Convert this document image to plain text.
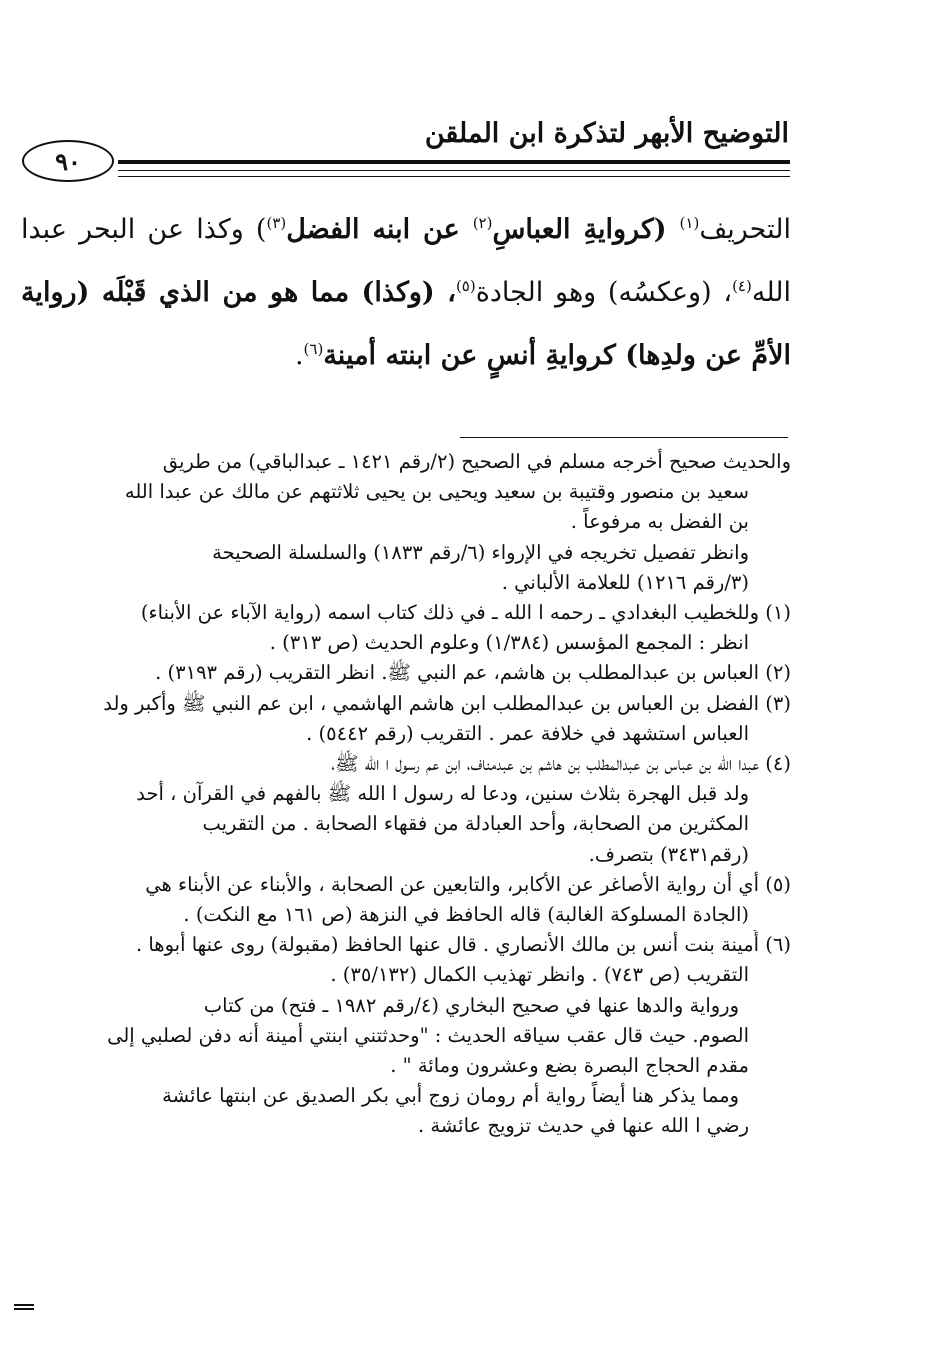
التوضيح الأبهر لتذكرة ابن الملقن
٩٠
التحريف$^{(١)}$ (كروايةِ العباسِ$^{(٢)}$ عن ابنه الفضل$^{(٣)}$) وكذا عن البحر عبدا الله$^{(٤)}$، (وعكسُه) وهو الجادة$^{(٥)}$، (وكذا) مما هو من الذي قَبْلَه (رواية الأمِّ عن ولدِها) كروايةِ أنسٍ عن ابنته أمينة$^{(٦)}$.
والحديث صحيح أخرجه مسلم في الصحيح (٢/رقم ١٤٢١ ـ عبدالباقي) من طريق
سعيد بن منصور وقتيبة بن سعيد ويحيى بن يحيى ثلاثتهم عن مالك عن عبدا الله
بن الفضل به مرفوعاً .
وانظر تفصيل تخريجه في الإرواء (٦/رقم ١٨٣٣) والسلسلة الصحيحة
(٣/رقم ١٢١٦) للعلامة الألباني .
(١) وللخطيب البغدادي ـ رحمه ا الله ـ في ذلك كتاب اسمه (رواية الآباء عن الأبناء)
انظر : المجمع المؤسس (١/٣٨٤) وعلوم الحديث (ص ٣١٣) .
(٢) العباس بن عبدالمطلب بن هاشم، عم النبي ﷺ. انظر التقريب (رقم ٣١٩٣) .
(٣) الفضل بن العباس بن عبدالمطلب ابن هاشم الهاشمي ، ابن عم النبي ﷺ وأكبر ولد
العباس استشهد في خلافة عمر . التقريب (رقم ٥٤٤٢) .
(٤) عبدا الله بن عباس بن عبدالمطلب بن هاشم بن عبدمناف، ابن عم رسول ا الله ﷺ،
ولد قبل الهجرة بثلاث سنين، ودعا له رسول ا الله ﷺ بالفهم في القرآن ، أحد
المكثرين من الصحابة، وأحد العبادلة من فقهاء الصحابة . من التقريب
(رقم٣٤٣١) بتصرف.
(٥) أي أن رواية الأصاغر عن الأكابر، والتابعين عن الصحابة ، والأبناء عن الأبناء هي
(الجادة المسلوكة الغالبة) قاله الحافظ في النزهة (ص ١٦١ مع النكت) .
(٦) أُمينة بنت أنس بن مالك الأنصاري . قال عنها الحافظ (مقبولة) روى عنها أبوها .
التقريب (ص ٧٤٣) . وانظر تهذيب الكمال (٣٥/١٣٢) .
ورواية والدها عنها في صحيح البخاري (٤/رقم ١٩٨٢ ـ فتح) من كتاب
الصوم. حيث قال عقب سياقه الحديث : "وحدثتني ابنتي أمينة أنه دفن لصلبي إلى
مقدم الحجاج البصرة بضع وعشرون ومائة " .
ومما يذكر هنا أيضاً رواية أم رومان زوج أبي بكر الصديق عن ابنتها عائشة
رضي ا الله عنها في حديث تزويج عائشة .
